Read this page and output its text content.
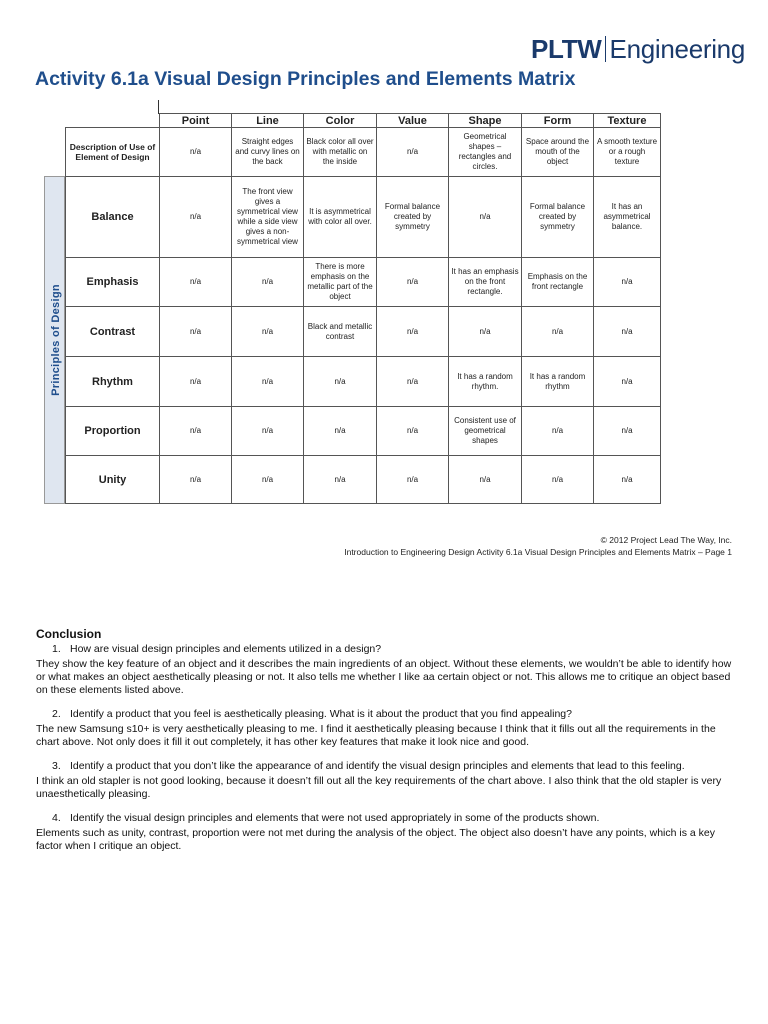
PLTW Engineering
Activity 6.1a Visual Design Principles and Elements Matrix
Principles of Design
	Point	Line	Color	Value	Shape	Form	Texture
Description of Use of Element of Design	n/a	Straight edges and curvy lines on the back	Black color all over with metallic on the inside	n/a	Geometrical shapes – rectangles and circles.	Space around the mouth of the object	A smooth texture or a rough texture
Balance	n/a	The front view gives a symmetrical view while a side view gives a non-symmetrical view	It is asymmetrical with color all over.	Formal balance created by symmetry	n/a	Formal balance created by symmetry	It has an asymmetrical balance.
Emphasis	n/a	n/a	There is more emphasis on the metallic part of the object	n/a	It has an emphasis on the front rectangle.	Emphasis on the front rectangle	n/a
Contrast	n/a	n/a	Black and metallic contrast	n/a	n/a	n/a	n/a
Rhythm	n/a	n/a	n/a	n/a	It has a random rhythm.	It has a random rhythm	n/a
Proportion	n/a	n/a	n/a	n/a	Consistent use of geometrical shapes	n/a	n/a
Unity	n/a	n/a	n/a	n/a	n/a	n/a	n/a
© 2012 Project Lead The Way, Inc.
Introduction to Engineering Design Activity 6.1a Visual Design Principles and Elements Matrix – Page 1
Conclusion
1. How are visual design principles and elements utilized in a design?

They show the key feature of an object and it describes the main ingredients of an object. Without these elements, we wouldn’t be able to identify how or what makes an object aesthetically pleasing or not. It also tells me whether I like aa certain object or not. This allows me to critique an object based on these elements listed above.

2. Identify a product that you feel is aesthetically pleasing. What is it about the product that you find appealing?

The new Samsung s10+ is very aesthetically pleasing to me. I find it aesthetically pleasing because I think that it fills out all the requirements in the chart above. Not only does it fill it out completely, it has other key features that make it look nice and good.

3. Identify a product that you don’t like the appearance of and identify the visual design principles and elements that lead to this feeling.

I think an old stapler is not good looking, because it doesn’t fill out all the key requirements of the chart above. I also think that the old stapler is very unaesthetically pleasing.

4. Identify the visual design principles and elements that were not used appropriately in some of the products shown.

Elements such as unity, contrast, proportion were not met during the analysis of the object. The object also doesn’t have any points, which is a key factor when I critique an object.
